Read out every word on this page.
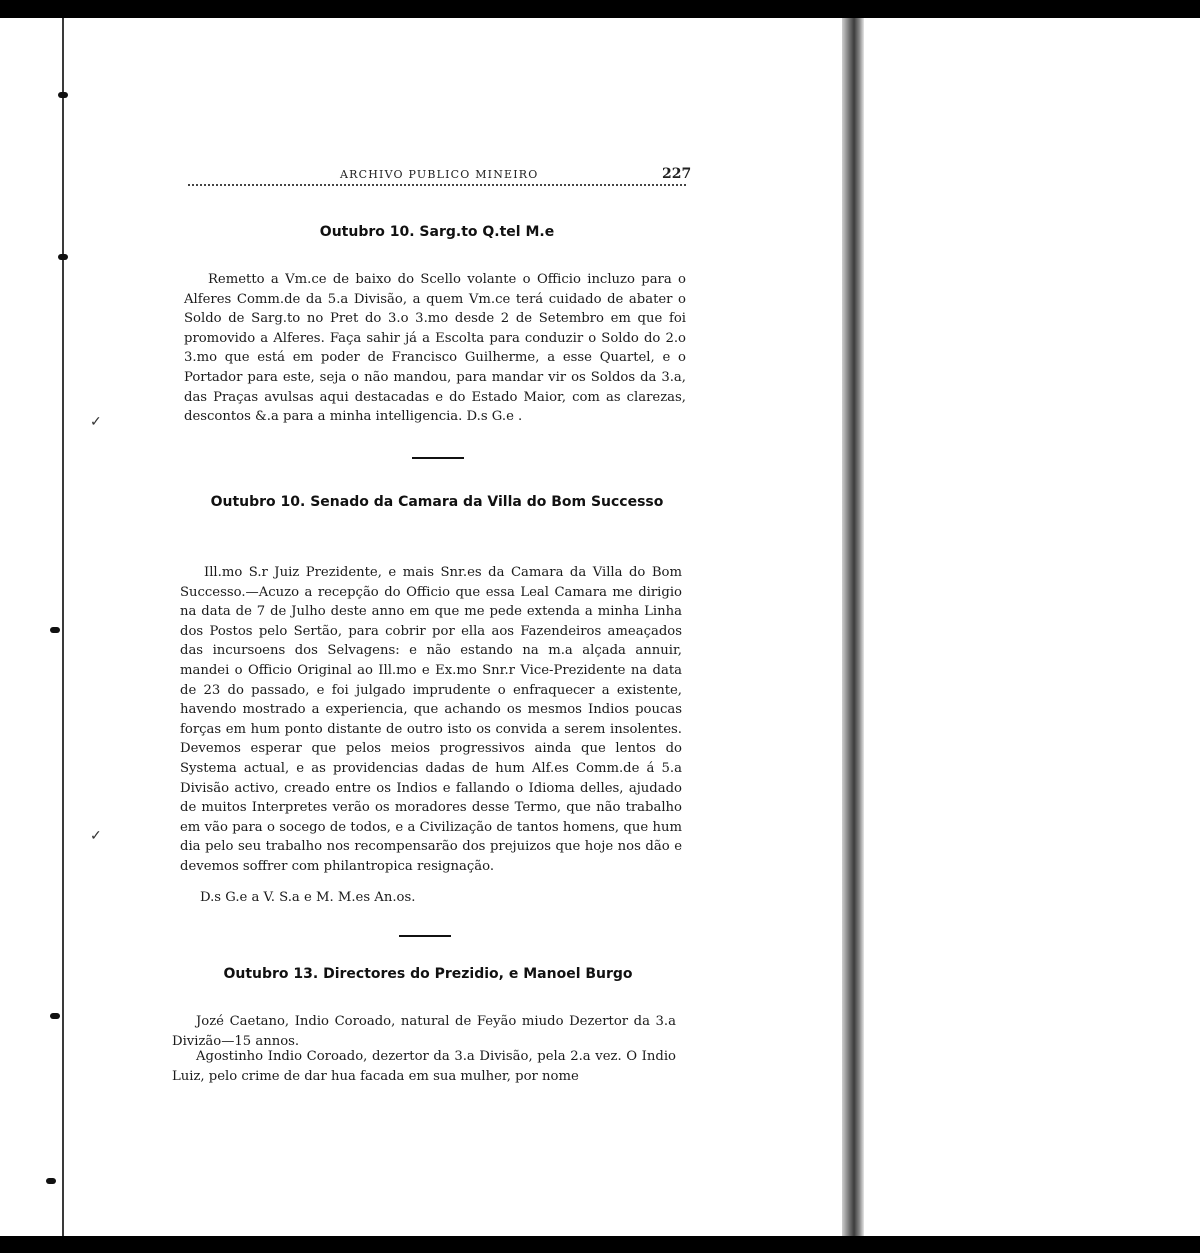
✓
✓
ARCHIVO PUBLICO MINEIRO	227
Outubro 10. Sarg.to Q.tel M.e
Remetto a Vm.ce de baixo do Scello volante o Officio incluzo para o Alferes Comm.de da 5.a Divisão, a quem Vm.ce terá cuidado de abater o Soldo de Sarg.to no Pret do 3.o 3.mo desde 2 de Setembro em que foi promovido a Alferes. Faça sahir já a Escolta para conduzir o Soldo do 2.o 3.mo que está em poder de Francisco Guilherme, a esse Quartel, e o Portador para este, seja o não mandou, para mandar vir os Soldos da 3.a, das Praças avulsas aqui destacadas e do Estado Maior, com as clarezas, descontos &.a para a minha intelligencia. D.s G.e .
Outubro 10. Senado da Camara da Villa do Bom Successo
Ill.mo S.r Juiz Prezidente, e mais Snr.es da Camara da Villa do Bom Successo.—Acuzo a recepção do Officio que essa Leal Camara me dirigio na data de 7 de Julho deste anno em que me pede extenda a minha Linha dos Postos pelo Sertão, para cobrir por ella aos Fazendeiros ameaçados das incursoens dos Selvagens: e não estando na m.a alçada annuir, mandei o Officio Original ao Ill.mo e Ex.mo Snr.r Vice-Prezidente na data de 23 do passado, e foi julgado imprudente o enfraquecer a existente, havendo mostrado a experiencia, que achando os mesmos Indios poucas forças em hum ponto distante de outro isto os convida a serem insolentes. Devemos esperar que pelos meios progressivos ainda que lentos do Systema actual, e as providencias dadas de hum Alf.es Comm.de á 5.a Divisão activo, creado entre os Indios e fallando o Idioma delles, ajudado de muitos Interpretes verão os moradores desse Termo, que não trabalho em vão para o socego de todos, e a Civilização de tantos homens, que hum dia pelo seu trabalho nos recompensarão dos prejuizos que hoje nos dão e devemos soffrer com philantropica resignação.
D.s G.e a V. S.a e M. M.es An.os.
Outubro 13. Directores do Prezidio, e Manoel Burgo
Jozé Caetano, Indio Coroado, natural de Feyão miudo Dezertor da 3.a Divizão—15 annos.
Agostinho Indio Coroado, dezertor da 3.a Divisão, pela 2.a vez. O Indio Luiz, pelo crime de dar hua facada em sua mulher, por nome
